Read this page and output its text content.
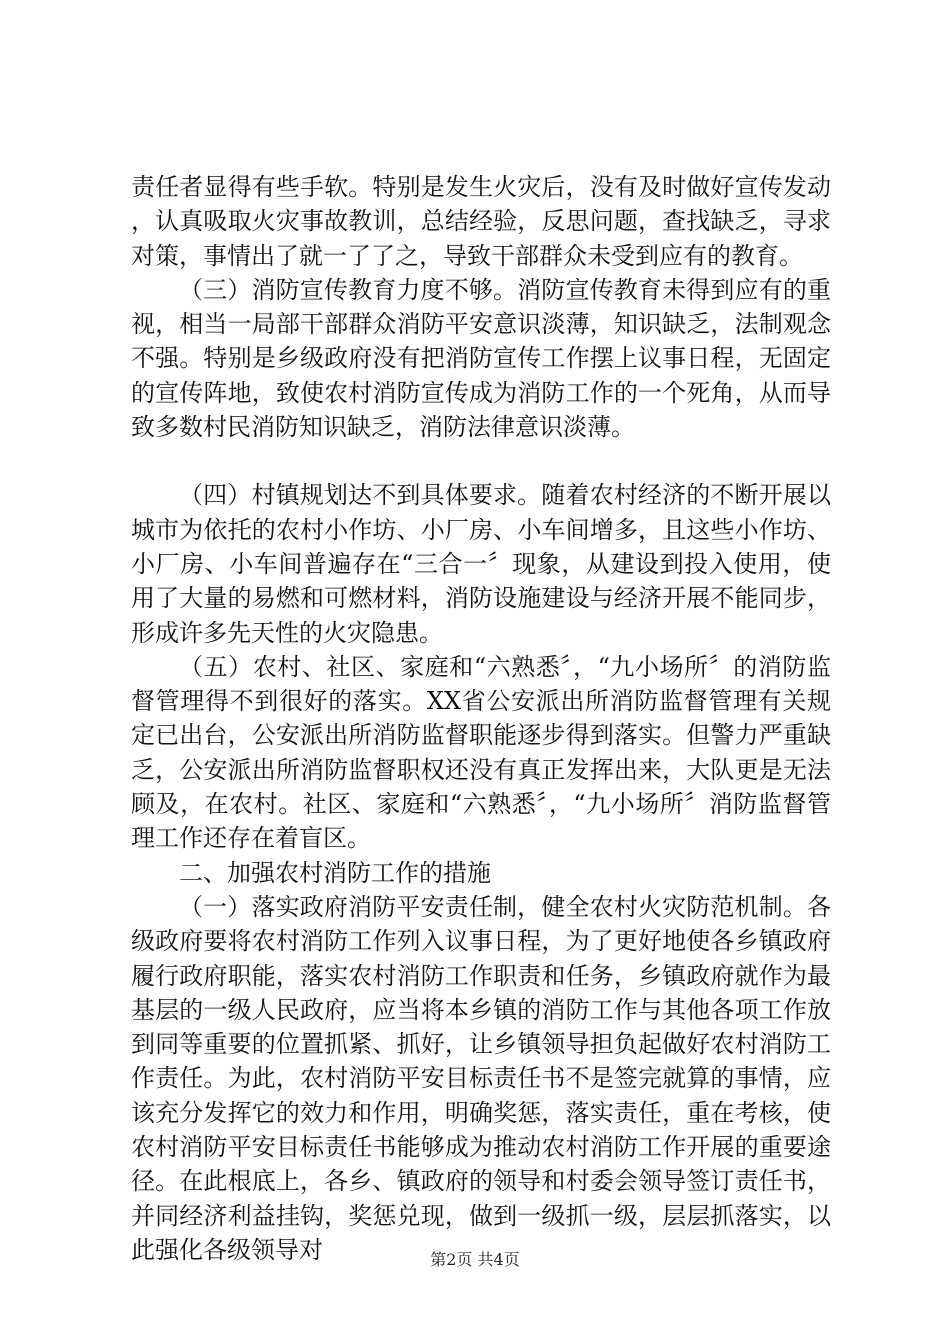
责任者显得有些手软。特别是发生火灾后，没有及时做好宣传发动，认真吸取火灾事故教训，总结经验，反思问题，查找缺乏，寻求对策，事情出了就一了了之，导致干部群众未受到应有的教育。

（三）消防宣传教育力度不够。消防宣传教育未得到应有的重视，相当一局部干部群众消防平安意识淡薄，知识缺乏，法制观念不强。特别是乡级政府没有把消防宣传工作摆上议事日程，无固定的宣传阵地，致使农村消防宣传成为消防工作的一个死角，从而导致多数村民消防知识缺乏，消防法律意识淡薄。

（四）村镇规划达不到具体要求。随着农村经济的不断开展以城市为依托的农村小作坊、小厂房、小车间增多，且这些小作坊、小厂房、小车间普遍存在“三合一〞现象，从建设到投入使用，使用了大量的易燃和可燃材料，消防设施建设与经济开展不能同步，形成许多先天性的火灾隐患。

（五）农村、社区、家庭和“六熟悉〞，“九小场所〞的消防监督管理得不到很好的落实。XX省公安派出所消防监督管理有关规定已出台，公安派出所消防监督职能逐步得到落实。但警力严重缺乏，公安派出所消防监督职权还没有真正发挥出来，大队更是无法顾及，在农村。社区、家庭和“六熟悉〞，“九小场所〞消防监督管理工作还存在着盲区。

二、加强农村消防工作的措施

（一）落实政府消防平安责任制，健全农村火灾防范机制。各级政府要将农村消防工作列入议事日程，为了更好地使各乡镇政府履行政府职能，落实农村消防工作职责和任务，乡镇政府就作为最基层的一级人民政府，应当将本乡镇的消防工作与其他各项工作放到同等重要的位置抓紧、抓好，让乡镇领导担负起做好农村消防工作责任。为此，农村消防平安目标责任书不是签完就算的事情，应该充分发挥它的效力和作用，明确奖惩，落实责任，重在考核，使农村消防平安目标责任书能够成为推动农村消防工作开展的重要途径。在此根底上，各乡、镇政府的领导和村委会领导签订责任书，并同经济利益挂钩，奖惩兑现，做到一级抓一级，层层抓落实，以此强化各级领导对	第2页 共4页
